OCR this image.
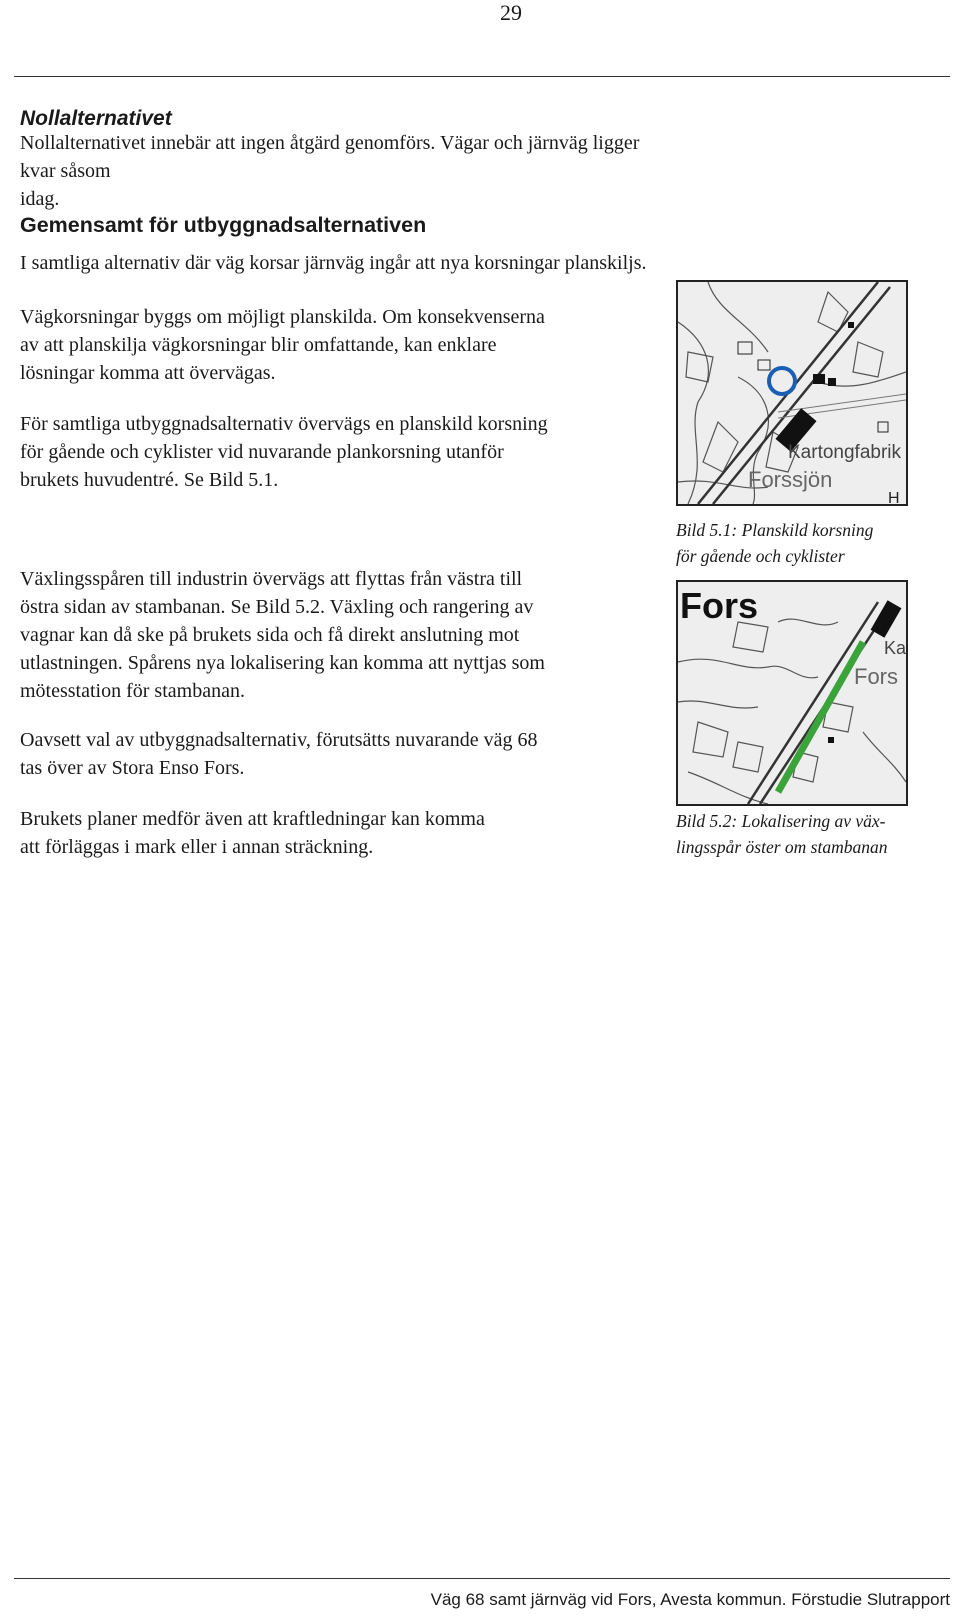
29
Nollalternativet

Nollalternativet innebär att ingen åtgärd genomförs. Vägar och järnväg ligger kvar såsom

idag.

Gemensamt för utbyggnadsalternativen

I samtliga alternativ där väg korsar järnväg ingår att nya korsningar planskiljs.

Vägkorsningar byggs om möjligt planskilda. Om konsekvenserna

av att planskilja vägkorsningar blir omfattande, kan enklare

lösningar komma att övervägas.

För samtliga utbyggnadsalternativ övervägs en planskild korsning

för gående och cyklister vid nuvarande plankorsning utanför

brukets huvudentré. Se Bild 5.1.

Växlingsspåren till industrin övervägs att flyttas från västra till

östra sidan av stambanan. Se Bild 5.2. Växling och rangering av

vagnar kan då ske på brukets sida och få direkt anslutning mot

utlastningen. Spårens nya lokalisering kan komma att nyttjas som

mötesstation för stambanan.

Oavsett val av utbyggnadsalternativ, förutsätts nuvarande väg 68

tas över av Stora Enso Fors.

Brukets planer medför även att kraftledningar kan komma

att förläggas i mark eller i annan sträckning.

Kartongfabrik
Forssjön
H
Bild 5.1: Planskild korsning
för gående och cyklister
Fors
Ka
Fors
Bild 5.2: Lokalisering av väx-
lingsspår öster om stambanan
Väg 68 samt järnväg vid Fors, Avesta kommun. Förstudie Slutrapport
